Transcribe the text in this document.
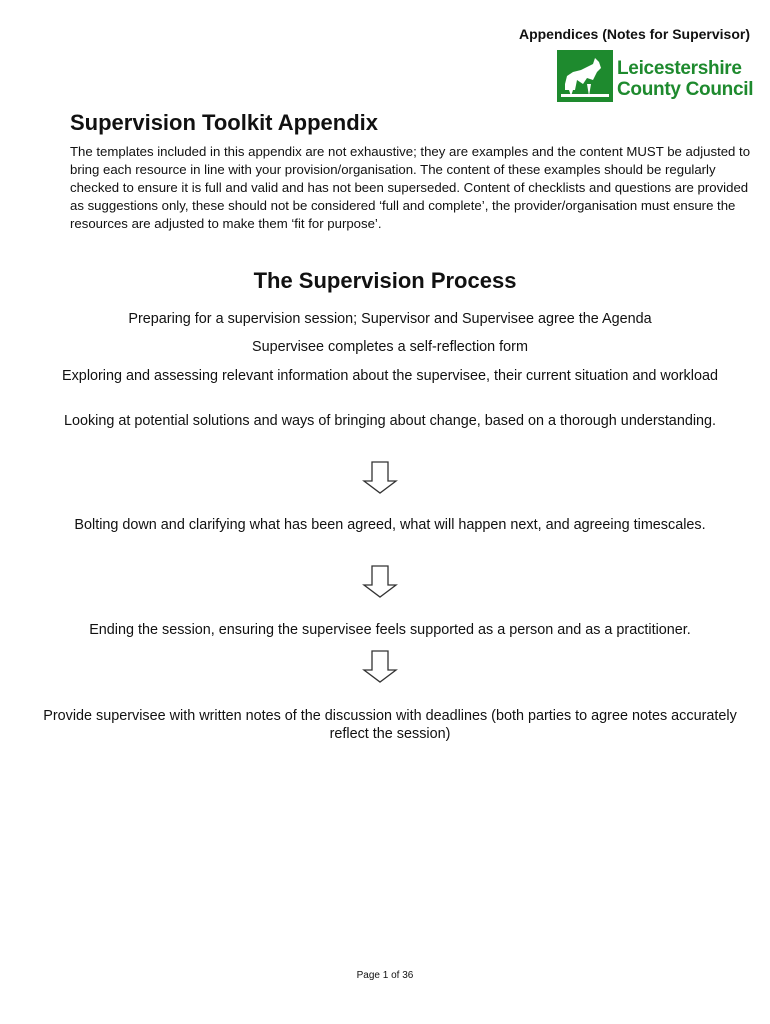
Appendices (Notes for Supervisor)
Leicestershire
County Council
Supervision Toolkit Appendix

The templates included in this appendix are not exhaustive; they are examples and the content MUST be adjusted to bring each resource in line with your provision/organisation. The content of these examples should be regularly checked to ensure it is full and valid and has not been superseded. Content of checklists and questions are provided as suggestions only, these should not be considered ‘full and complete’, the provider/organisation must ensure the resources are adjusted to make them ‘fit for purpose’.

The Supervision Process

Preparing for a supervision session; Supervisor and Supervisee agree the Agenda

Supervisee completes a self-reflection form

Exploring and assessing relevant information about the supervisee, their current situation and workload

Looking at potential solutions and ways of bringing about change, based on a thorough understanding.

Bolting down and clarifying what has been agreed, what will happen next, and agreeing timescales.

Ending the session, ensuring the supervisee feels supported as a person and as a practitioner.

Provide supervisee with written notes of the discussion with deadlines (both parties to agree notes accurately reflect the session)

Page 1 of 36
